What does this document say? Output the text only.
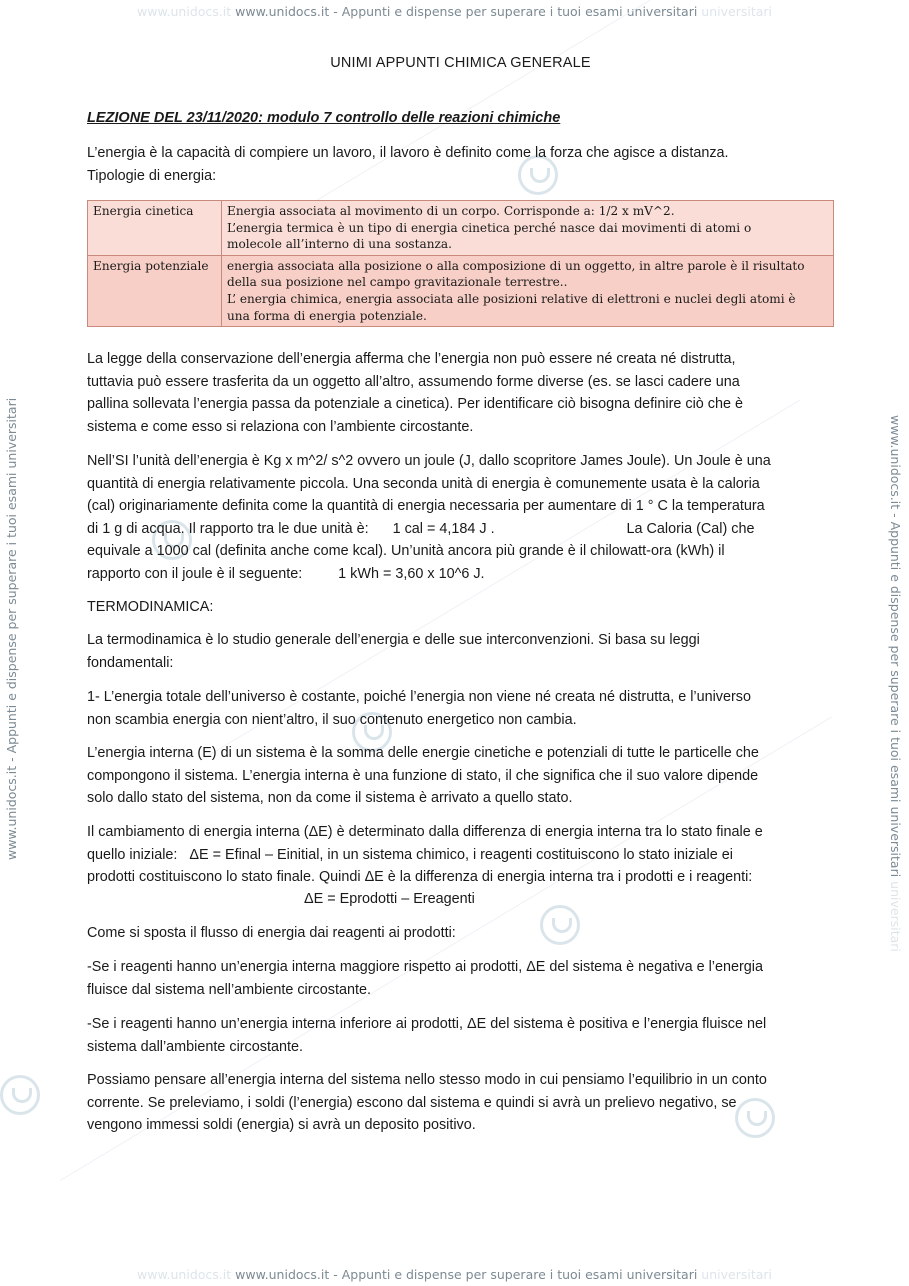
www.unidocs.it www.unidocs.it - Appunti e dispense per superare i tuoi esami universitari universitari
www.unidocs.it www.unidocs.it - Appunti e dispense per superare i tuoi esami universitari universitari
www.unidocs.it - Appunti e dispense per superare i tuoi esami universitari	www.unidocs.it - Appunti e dispense per superare i tuoi esami universitari universitari
UNIMI APPUNTI CHIMICA GENERALE
LEZIONE DEL 23/11/2020: modulo 7 controllo delle reazioni chimiche
L’energia è la capacità di compiere un lavoro, il lavoro è definito come la forza che agisce a distanza.
Tipologie di energia:
Energia cinetica	Energia associata al movimento di un corpo. Corrisponde a: 1/2 x mV^2.
L’energia termica è un tipo di energia cinetica perché nasce dai movimenti di atomi o
molecole all’interno di una sostanza.

Energia potenziale	energia associata alla posizione o alla composizione di un oggetto, in altre parole è il risultato
della sua posizione nel campo gravitazionale terrestre..
L’ energia chimica, energia associata alle posizioni relative di elettroni e nuclei degli atomi è
una forma di energia potenziale.
La legge della conservazione dell’energia afferma che l’energia non può essere né creata né distrutta,
tuttavia può essere trasferita da un oggetto all’altro, assumendo forme diverse (es. se lasci cadere una
pallina sollevata l’energia passa da potenziale a cinetica). Per identificare ciò bisogna definire ciò che è
sistema e come esso si relaziona con l’ambiente circostante.
Nell’SI l’unità dell’energia è Kg x m^2/ s^2 ovvero un joule (J, dallo scopritore James Joule). Un Joule è una
quantità di energia relativamente piccola. Una seconda unità di energia è comunemente usata è la caloria
(cal) originariamente definita come la quantità di energia necessaria per aumentare di 1 ° C la temperatura
di 1 g di acqua. Il rapporto tra le due unità è:      1 cal = 4,184 J .                                 La Caloria (Cal) che
equivale a 1000 cal (definita anche come kcal). Un’unità ancora più grande è il chilowatt-ora (kWh) il
rapporto con il joule è il seguente:         1 kWh = 3,60 x 10^6 J.
TERMODINAMICA:
La termodinamica è lo studio generale dell’energia e delle sue interconvenzioni. Si basa su leggi
fondamentali:
1- L’energia totale dell’universo è costante, poiché l’energia non viene né creata né distrutta, e l’universo
non scambia energia con nient’altro, il suo contenuto energetico non cambia.
L’energia interna (E) di un sistema è la somma delle energie cinetiche e potenziali di tutte le particelle che
compongono il sistema. L’energia interna è una funzione di stato, il che significa che il suo valore dipende
solo dallo stato del sistema, non da come il sistema è arrivato a quello stato.
Il cambiamento di energia interna (ΔE) è determinato dalla differenza di energia interna tra lo stato finale e
quello iniziale:   ΔE = Efinal – Einitial, in un sistema chimico, i reagenti costituiscono lo stato iniziale ei
prodotti costituiscono lo stato finale. Quindi ΔE è la differenza di energia interna tra i prodotti e i reagenti:
ΔE = Eprodotti – Ereagenti
Come si sposta il flusso di energia dai reagenti ai prodotti:
-Se i reagenti hanno un’energia interna maggiore rispetto ai prodotti, ΔE del sistema è negativa e l’energia
fluisce dal sistema nell’ambiente circostante.
-Se i reagenti hanno un’energia interna inferiore ai prodotti, ΔE del sistema è positiva e l’energia fluisce nel
sistema dall’ambiente circostante.
Possiamo pensare all’energia interna del sistema nello stesso modo in cui pensiamo l’equilibrio in un conto
corrente. Se preleviamo, i soldi (l’energia) escono dal sistema e quindi si avrà un prelievo negativo, se
vengono immessi soldi (energia) si avrà un deposito positivo.
